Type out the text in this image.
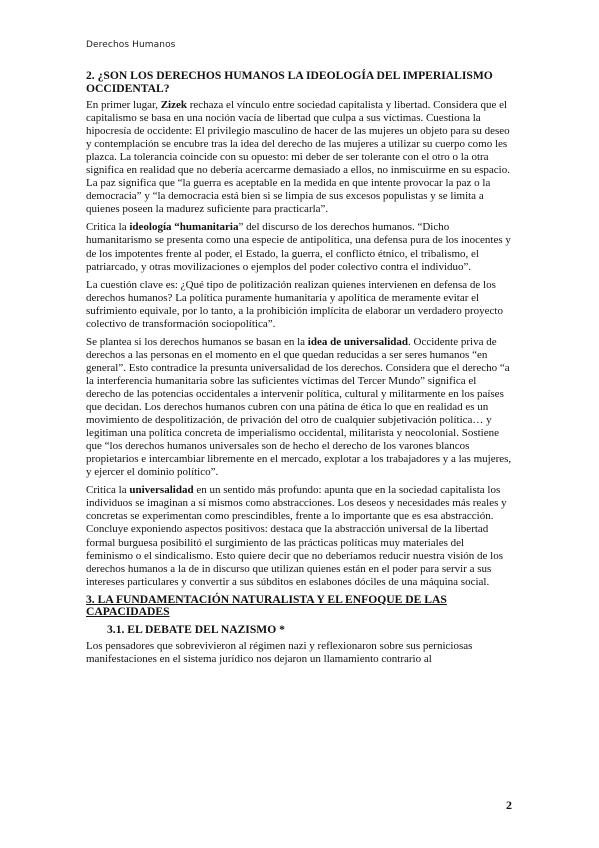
Derechos Humanos
2. ¿SON LOS DERECHOS HUMANOS LA IDEOLOGÍA DEL IMPERIALISMO OCCIDENTAL?

En primer lugar, Zizek rechaza el vínculo entre sociedad capitalista y libertad. Considera que el capitalismo se basa en una noción vacía de libertad que culpa a sus víctimas. Cuestiona la hipocresía de occidente: El privilegio masculino de hacer de las mujeres un objeto para su deseo y contemplación se encubre tras la idea del derecho de las mujeres a utilizar su cuerpo como les plazca. La tolerancia coincide con su opuesto: mi deber de ser tolerante con el otro o la otra significa en realidad que no debería acercarme demasiado a ellos, no inmiscuirme en su espacio. La paz significa que “la guerra es aceptable en la medida en que intente provocar la paz o la democracia” y “la democracia está bien si se limpia de sus excesos populistas y se limita a quienes poseen la madurez suficiente para practicarla”.

Critica la ideología “humanitaria” del discurso de los derechos humanos. “Dicho humanitarismo se presenta como una especie de antipolítica, una defensa pura de los inocentes y de los impotentes frente al poder, el Estado, la guerra, el conflicto étnico, el tribalismo, el patriarcado, y otras movilizaciones o ejemplos del poder colectivo contra el individuo”.

La cuestión clave es: ¿Qué tipo de politización realizan quienes intervienen en defensa de los derechos humanos? La política puramente humanitaria y apolítica de meramente evitar el sufrimiento equivale, por lo tanto, a la prohibición implícita de elaborar un verdadero proyecto colectivo de transformación sociopolítica”.

Se plantea si los derechos humanos se basan en la idea de universalidad. Occidente priva de derechos a las personas en el momento en el que quedan reducidas a ser seres humanos “en general”. Esto contradice la presunta universalidad de los derechos. Considera que el derecho “a la interferencia humanitaria sobre las suficientes víctimas del Tercer Mundo” significa el derecho de las potencias occidentales a intervenir política, cultural y militarmente en los países que decidan. Los derechos humanos cubren con una pátina de ética lo que en realidad es un movimiento de despolitización, de privación del otro de cualquier subjetivación política… y legitiman una política concreta de imperialismo occidental, militarista y neocolonial. Sostiene que “los derechos humanos universales son de hecho el derecho de los varones blancos propietarios e intercambiar libremente en el mercado, explotar a los trabajadores y a las mujeres, y ejercer el dominio político”.

Critica la universalidad en un sentido más profundo: apunta que en la sociedad capitalista los individuos se imaginan a sí mismos como abstracciones. Los deseos y necesidades más reales y concretas se experimentan como prescindibles, frente a lo importante que es esa abstracción. Concluye exponiendo aspectos positivos: destaca que la abstracción universal de la libertad formal burguesa posibilitó el surgimiento de las prácticas políticas muy materiales del feminismo o el sindicalismo. Esto quiere decir que no deberíamos reducir nuestra visión de los derechos humanos a la de in discurso que utilizan quienes están en el poder para servir a sus intereses particulares y convertir a sus súbditos en eslabones dóciles de una máquina social.

3. LA FUNDAMENTACIÓN NATURALISTA Y EL ENFOQUE DE LAS CAPACIDADES
3.1. EL DEBATE DEL NAZISMO *

Los pensadores que sobrevivieron al régimen nazi y reflexionaron sobre sus perniciosas manifestaciones en el sistema jurídico nos dejaron un llamamiento contrario al

2
